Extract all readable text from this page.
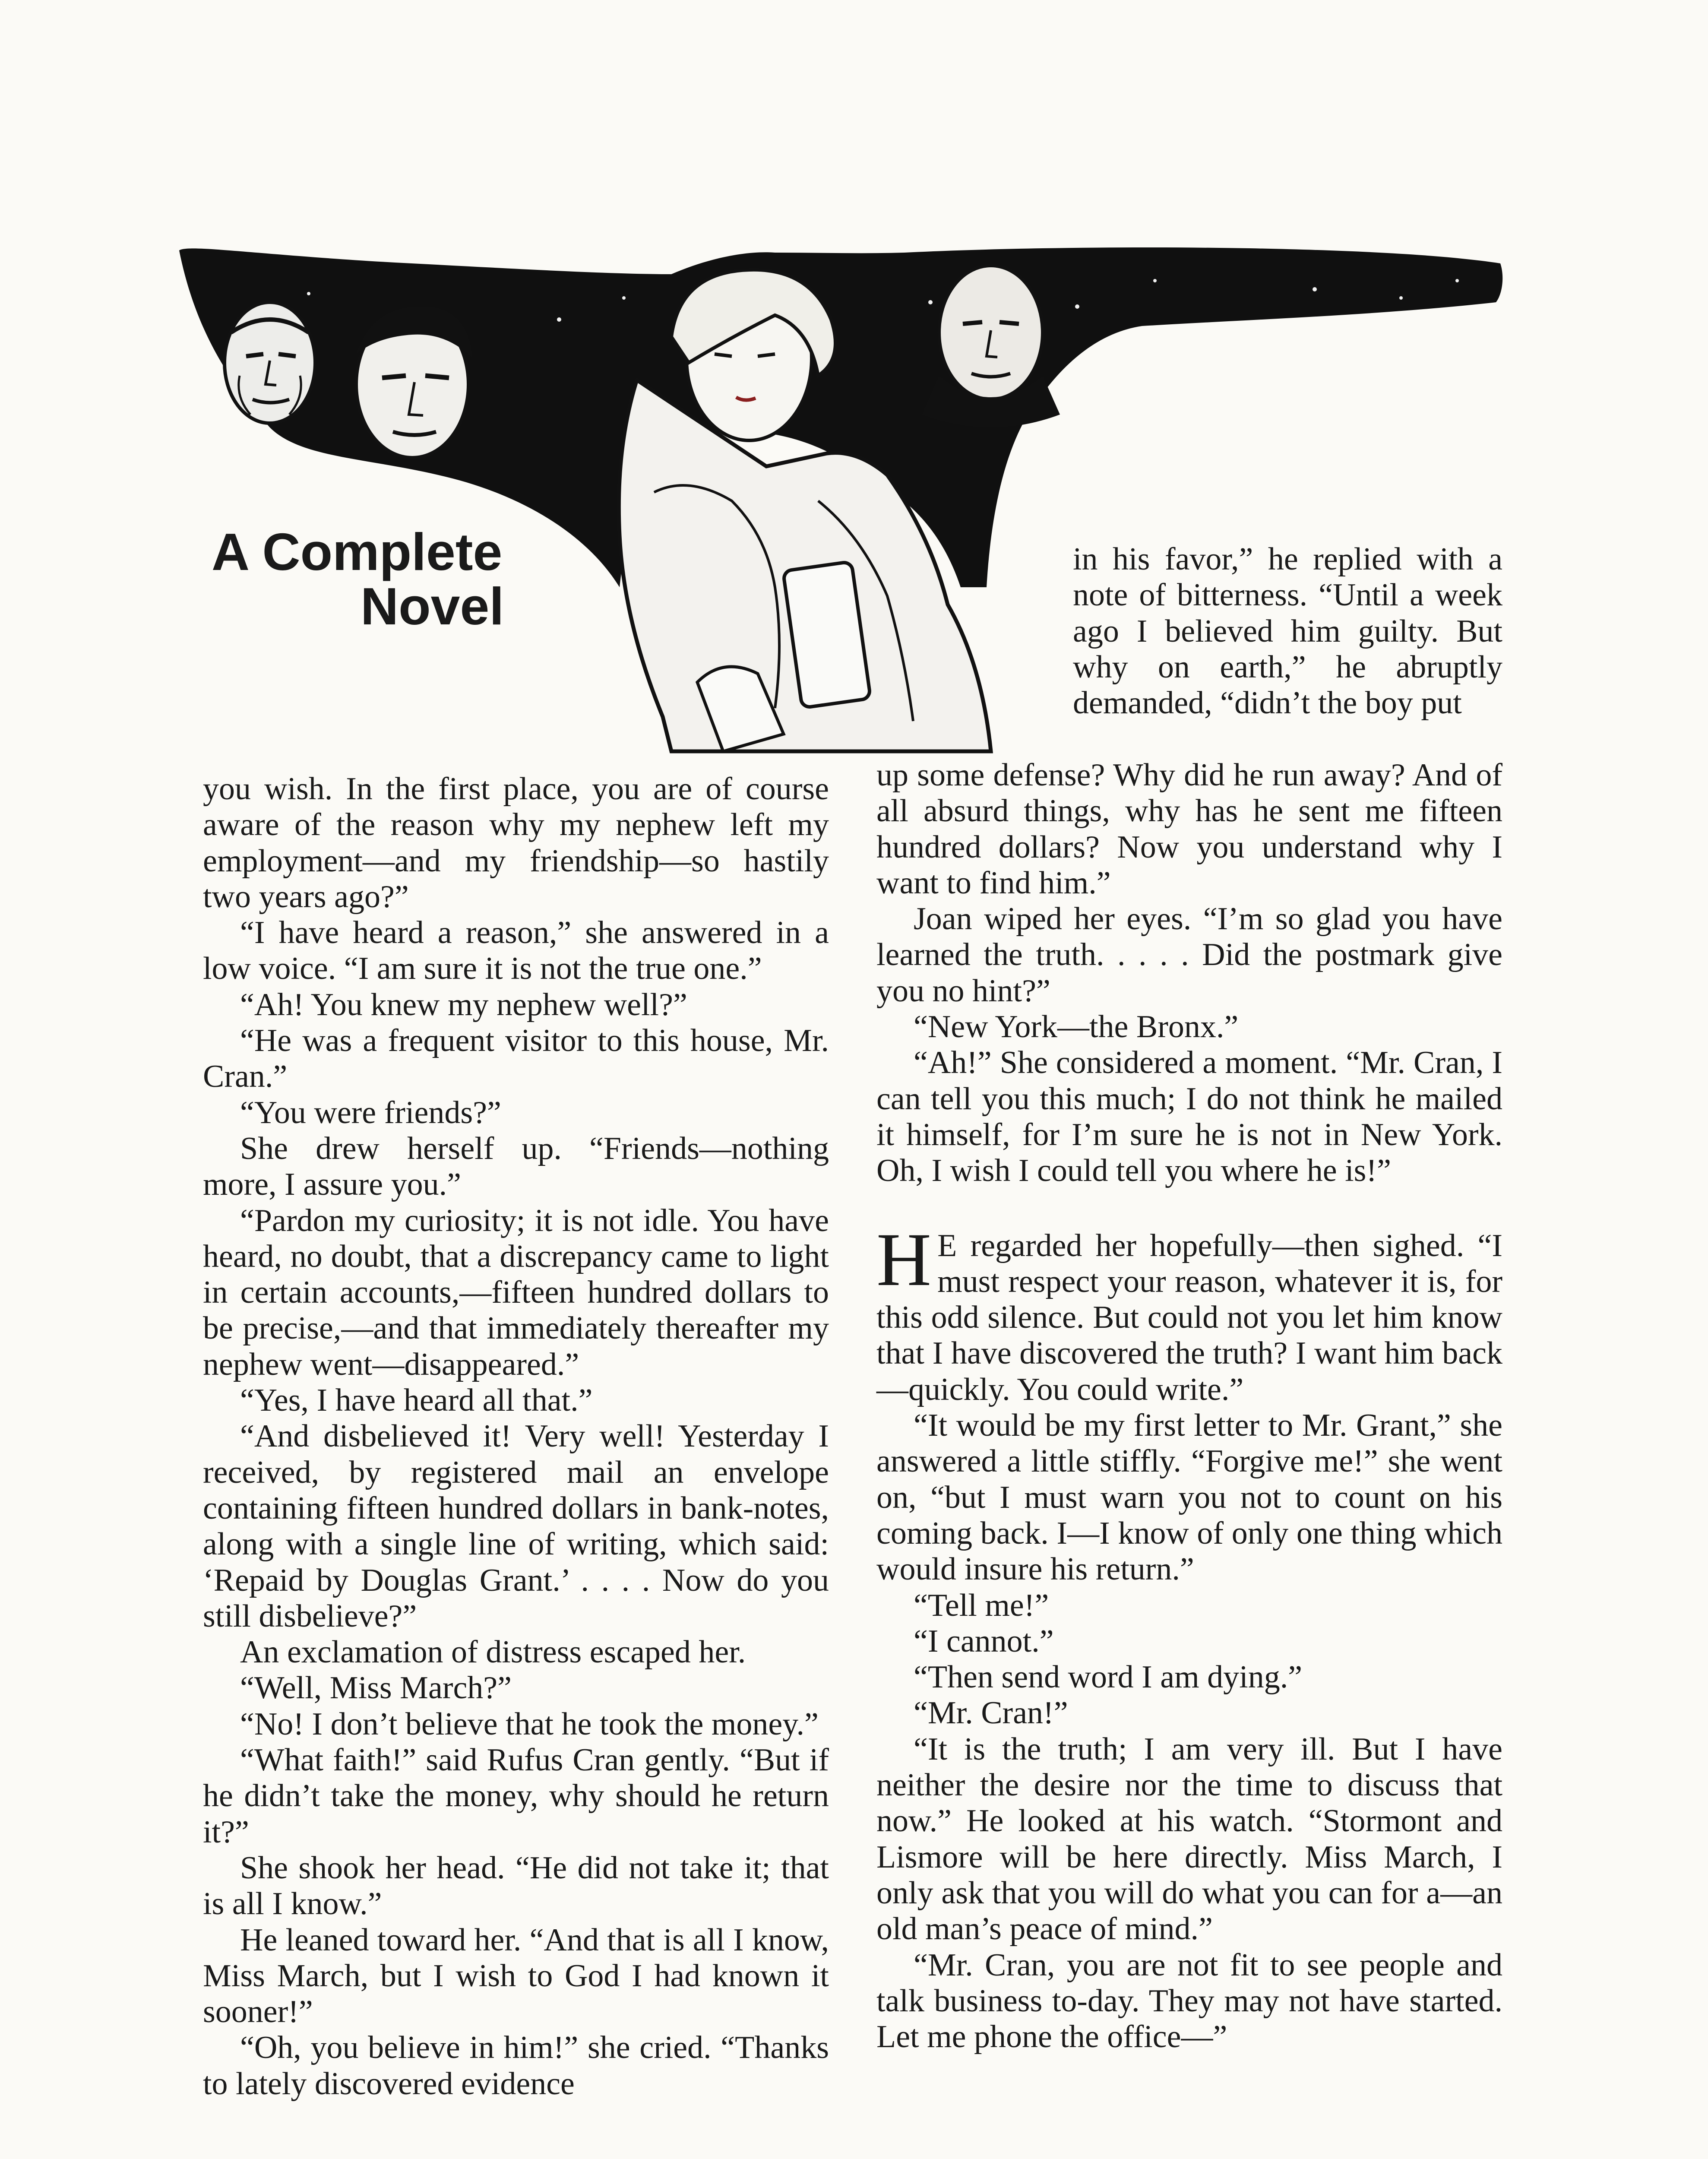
A Complete
Novel

in his favor,” he replied with a note of bitterness. “Until a week ago I believed him guilty. But why on earth,” he abruptly demanded, “didn’t the boy put

you wish. In the first place, you are of course aware of the reason why my nephew left my employment—and my friendship—so hastily two years ago?”

“I have heard a reason,” she answered in a low voice. “I am sure it is not the true one.”

“Ah! You knew my nephew well?”

“He was a frequent visitor to this house, Mr. Cran.”

“You were friends?”

She drew herself up. “Friends—nothing more, I assure you.”

“Pardon my curiosity; it is not idle. You have heard, no doubt, that a discrepancy came to light in certain accounts,—fifteen hundred dollars to be precise,—and that immediately thereafter my nephew went—disappeared.”

“Yes, I have heard all that.”

“And disbelieved it! Very well! Yesterday I received, by registered mail an envelope containing fifteen hundred dollars in bank-notes, along with a single line of writing, which said: ‘Repaid by Douglas Grant.’ . . . . Now do you still disbelieve?”

An exclamation of distress escaped her.

“Well, Miss March?”

“No! I don’t believe that he took the money.”

“What faith!” said Rufus Cran gently. “But if he didn’t take the money, why should he return it?”

She shook her head. “He did not take it; that is all I know.”

He leaned toward her. “And that is all I know, Miss March, but I wish to God I had known it sooner!”

“Oh, you believe in him!” she cried. “Thanks to lately discovered evidence

up some defense? Why did he run away? And of all absurd things, why has he sent me fifteen hundred dollars? Now you understand why I want to find him.”

Joan wiped her eyes. “I’m so glad you have learned the truth. . . . . Did the postmark give you no hint?”

“New York—the Bronx.”

“Ah!” She considered a moment. “Mr. Cran, I can tell you this much; I do not think he mailed it himself, for I’m sure he is not in New York. Oh, I wish I could tell you where he is!”

H E regarded her hopefully—then sighed. “I must respect your reason, whatever it is, for this odd silence. But could not you let him know that I have discovered the truth? I want him back—quickly. You could write.”

“It would be my first letter to Mr. Grant,” she answered a little stiffly. “Forgive me!” she went on, “but I must warn you not to count on his coming back. I—I know of only one thing which would insure his return.”

“Tell me!”

“I cannot.”

“Then send word I am dying.”

“Mr. Cran!”

“It is the truth; I am very ill. But I have neither the desire nor the time to discuss that now.” He looked at his watch. “Stormont and Lismore will be here directly. Miss March, I only ask that you will do what you can for a—an old man’s peace of mind.”

“Mr. Cran, you are not fit to see people and talk business to-day. They may not have started. Let me phone the office—”
